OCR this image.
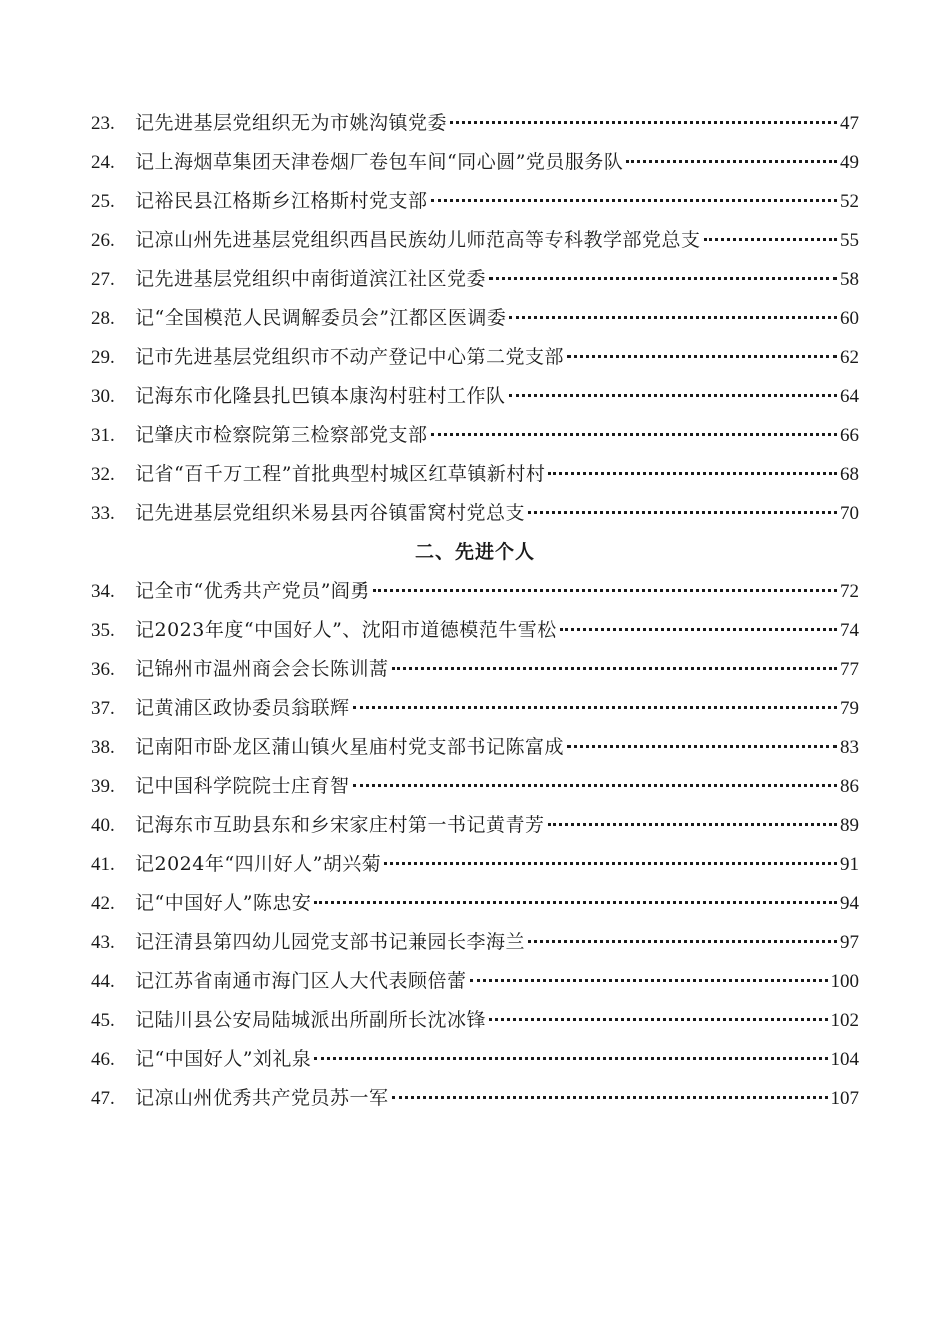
23.	记先进基层党组织无为市姚沟镇党委	47
24.	记上海烟草集团天津卷烟厂卷包车间“同心圆”党员服务队	49
25.	记裕民县江格斯乡江格斯村党支部	52
26.	记凉山州先进基层党组织西昌民族幼儿师范高等专科教学部党总支	55
27.	记先进基层党组织中南街道滨江社区党委	58
28.	记“全国模范人民调解委员会”江都区医调委	60
29.	记市先进基层党组织市不动产登记中心第二党支部	62
30.	记海东市化隆县扎巴镇本康沟村驻村工作队	64
31.	记肇庆市检察院第三检察部党支部	66
32.	记省“百千万工程”首批典型村城区红草镇新村村	68
33.	记先进基层党组织米易县丙谷镇雷窝村党总支	70
二、先进个人
34.	记全市“优秀共产党员”阎勇	72
35.	记2023年度“中国好人”、沈阳市道德模范牛雪松	74
36.	记锦州市温州商会会长陈训蒿	77
37.	记黄浦区政协委员翁联辉	79
38.	记南阳市卧龙区蒲山镇火星庙村党支部书记陈富成	83
39.	记中国科学院院士庄育智	86
40.	记海东市互助县东和乡宋家庄村第一书记黄青芳	89
41.	记2024年“四川好人”胡兴菊	91
42.	记“中国好人”陈忠安	94
43.	记汪清县第四幼儿园党支部书记兼园长李海兰	97
44.	记江苏省南通市海门区人大代表顾倍蕾	100
45.	记陆川县公安局陆城派出所副所长沈冰锋	102
46.	记“中国好人”刘礼泉	104
47.	记凉山州优秀共产党员苏一军	107
